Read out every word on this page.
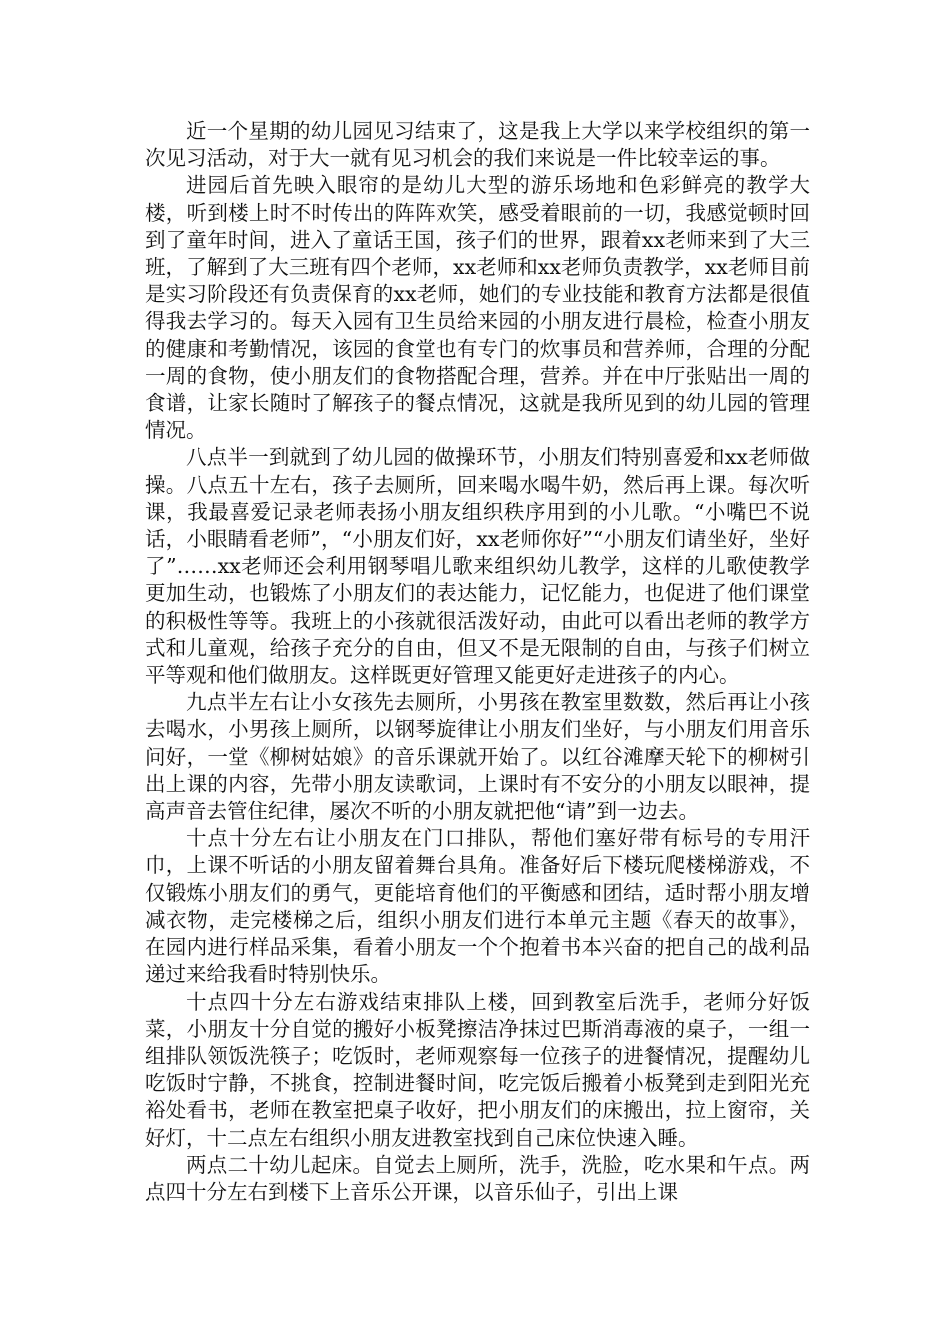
近一个星期的幼儿园见习结束了，这是我上大学以来学校组织的第一次见习活动，对于大一就有见习机会的我们来说是一件比较幸运的事。

进园后首先映入眼帘的是幼儿大型的游乐场地和色彩鲜亮的教学大楼，听到楼上时不时传出的阵阵欢笑，感受着眼前的一切，我感觉顿时回到了童年时间，进入了童话王国，孩子们的世界，跟着xx老师来到了大三班，了解到了大三班有四个老师，xx老师和xx老师负责教学，xx老师目前是实习阶段还有负责保育的xx老师，她们的专业技能和教育方法都是很值得我去学习的。每天入园有卫生员给来园的小朋友进行晨检，检查小朋友的健康和考勤情况，该园的食堂也有专门的炊事员和营养师，合理的分配一周的食物，使小朋友们的食物搭配合理，营养。并在中厅张贴出一周的食谱，让家长随时了解孩子的餐点情况，这就是我所见到的幼儿园的管理情况。

八点半一到就到了幼儿园的做操环节，小朋友们特别喜爱和xx老师做操。八点五十左右，孩子去厕所，回来喝水喝牛奶，然后再上课。每次听课，我最喜爱记录老师表扬小朋友组织秩序用到的小儿歌。“小嘴巴不说话，小眼睛看老师”，“小朋友们好，xx老师你好”“小朋友们请坐好，坐好了”……xx老师还会利用钢琴唱儿歌来组织幼儿教学，这样的儿歌使教学更加生动，也锻炼了小朋友们的表达能力，记忆能力，也促进了他们课堂的积极性等等。我班上的小孩就很活泼好动，由此可以看出老师的教学方式和儿童观，给孩子充分的自由，但又不是无限制的自由，与孩子们树立平等观和他们做朋友。这样既更好管理又能更好走进孩子的内心。

九点半左右让小女孩先去厕所，小男孩在教室里数数，然后再让小孩去喝水，小男孩上厕所，以钢琴旋律让小朋友们坐好，与小朋友们用音乐问好，一堂《柳树姑娘》的音乐课就开始了。以红谷滩摩天轮下的柳树引出上课的内容，先带小朋友读歌词，上课时有不安分的小朋友以眼神，提高声音去管住纪律，屡次不听的小朋友就把他“请”到一边去。

十点十分左右让小朋友在门口排队，帮他们塞好带有标号的专用汗巾，上课不听话的小朋友留着舞台具角。准备好后下楼玩爬楼梯游戏，不仅锻炼小朋友们的勇气，更能培育他们的平衡感和团结，适时帮小朋友增减衣物，走完楼梯之后，组织小朋友们进行本单元主题《春天的故事》，在园内进行样品采集，看着小朋友一个个抱着书本兴奋的把自己的战利品递过来给我看时特别快乐。

十点四十分左右游戏结束排队上楼，回到教室后洗手，老师分好饭菜，小朋友十分自觉的搬好小板凳擦洁净抹过巴斯消毒液的桌子，一组一组排队领饭洗筷子；吃饭时，老师观察每一位孩子的进餐情况，提醒幼儿吃饭时宁静，不挑食，控制进餐时间，吃完饭后搬着小板凳到走到阳光充裕处看书，老师在教室把桌子收好，把小朋友们的床搬出，拉上窗帘，关好灯，十二点左右组织小朋友进教室找到自己床位快速入睡。

两点二十幼儿起床。自觉去上厕所，洗手，洗脸，吃水果和午点。两点四十分左右到楼下上音乐公开课，以音乐仙子，引出上课
